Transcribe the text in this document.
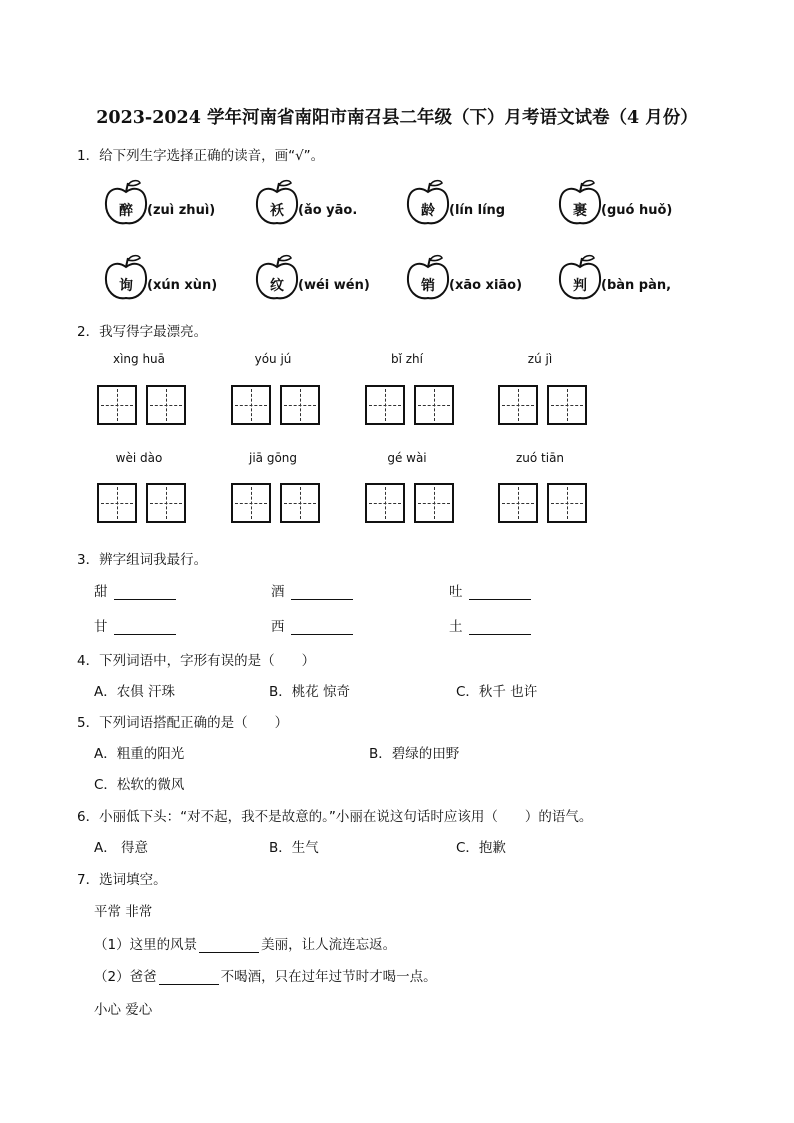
2023-2024 学年河南省南阳市南召县二年级（下）月考语文试卷（4 月份）
1．给下列生字选择正确的读音，画“√”。
醉	(zuì zhuì)	袄	(ǎo yāo.	龄	(lín líng	裹	(guó huǒ)
询	(xún xùn)	纹	(wéi wén)	销	(xāo xiāo)	判	(bàn pàn,
2．我写得字最漂亮。
xìng huā	yóu jú	bǐ zhí	zú jì
wèi dào	jiā gōng	gé wài	zuó tiān
3．辨字组词我最行。
甜	酒	吐
甘	西	土
4．下列词语中，字形有误的是（　　）
A．农俱 汗珠	B．桃花 惊奇	C．秋千 也许
5．下列词语搭配正确的是（　　）
A．粗重的阳光	B．碧绿的田野
C．松软的微风
6．小丽低下头：“对不起，我不是故意的。”小丽在说这句话时应该用（　　）的语气。
A． 得意	B．生气	C．抱歉
7．选词填空。
平常 非常
（1）这里的风景	美丽，让人流连忘返。
（2）爸爸	不喝酒，只在过年过节时才喝一点。
小心 爱心
